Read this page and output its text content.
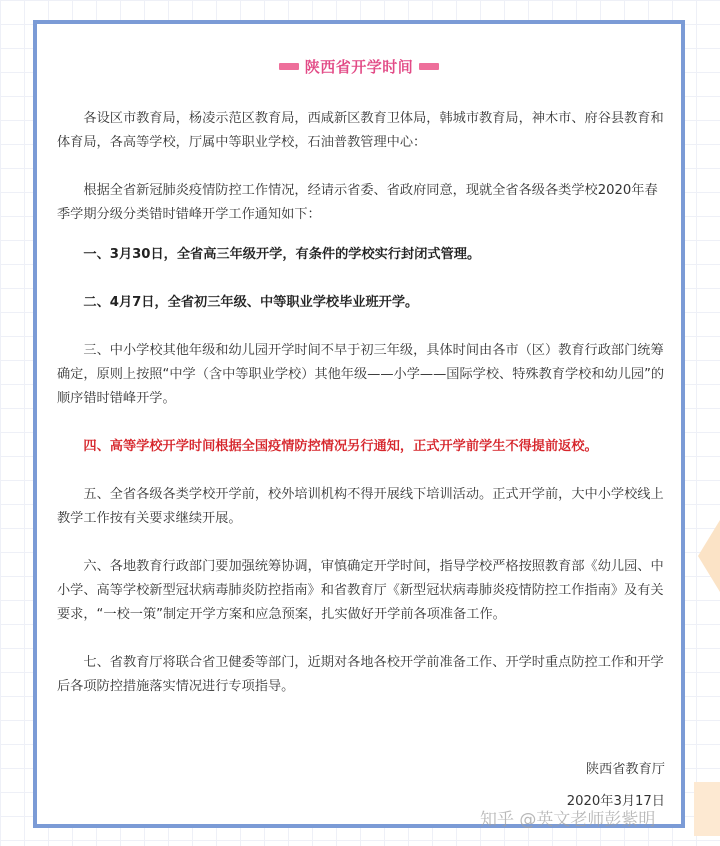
陕西省开学时间

各设区市教育局，杨凌示范区教育局，西咸新区教育卫体局，韩城市教育局，神木市、府谷县教育和体育局，各高等学校，厅属中等职业学校，石油普教管理中心：

根据全省新冠肺炎疫情防控工作情况，经请示省委、省政府同意，现就全省各级各类学校2020年春季学期分级分类错时错峰开学工作通知如下：

一、3月30日，全省高三年级开学，有条件的学校实行封闭式管理。

二、4月7日，全省初三年级、中等职业学校毕业班开学。

三、中小学校其他年级和幼儿园开学时间不早于初三年级，具体时间由各市（区）教育行政部门统筹确定，原则上按照“中学（含中等职业学校）其他年级——小学——国际学校、特殊教育学校和幼儿园”的顺序错时错峰开学。

四、高等学校开学时间根据全国疫情防控情况另行通知，正式开学前学生不得提前返校。

五、全省各级各类学校开学前，校外培训机构不得开展线下培训活动。正式开学前，大中小学校线上教学工作按有关要求继续开展。

六、各地教育行政部门要加强统筹协调，审慎确定开学时间，指导学校严格按照教育部《幼儿园、中小学、高等学校新型冠状病毒肺炎防控指南》和省教育厅《新型冠状病毒肺炎疫情防控工作指南》及有关要求，“一校一策”制定开学方案和应急预案，扎实做好开学前各项准备工作。

七、省教育厅将联合省卫健委等部门，近期对各地各校开学前准备工作、开学时重点防控工作和开学后各项防控措施落实情况进行专项指导。

陕西省教育厅
2020年3月17日
知乎 @英文老师彭紫明
